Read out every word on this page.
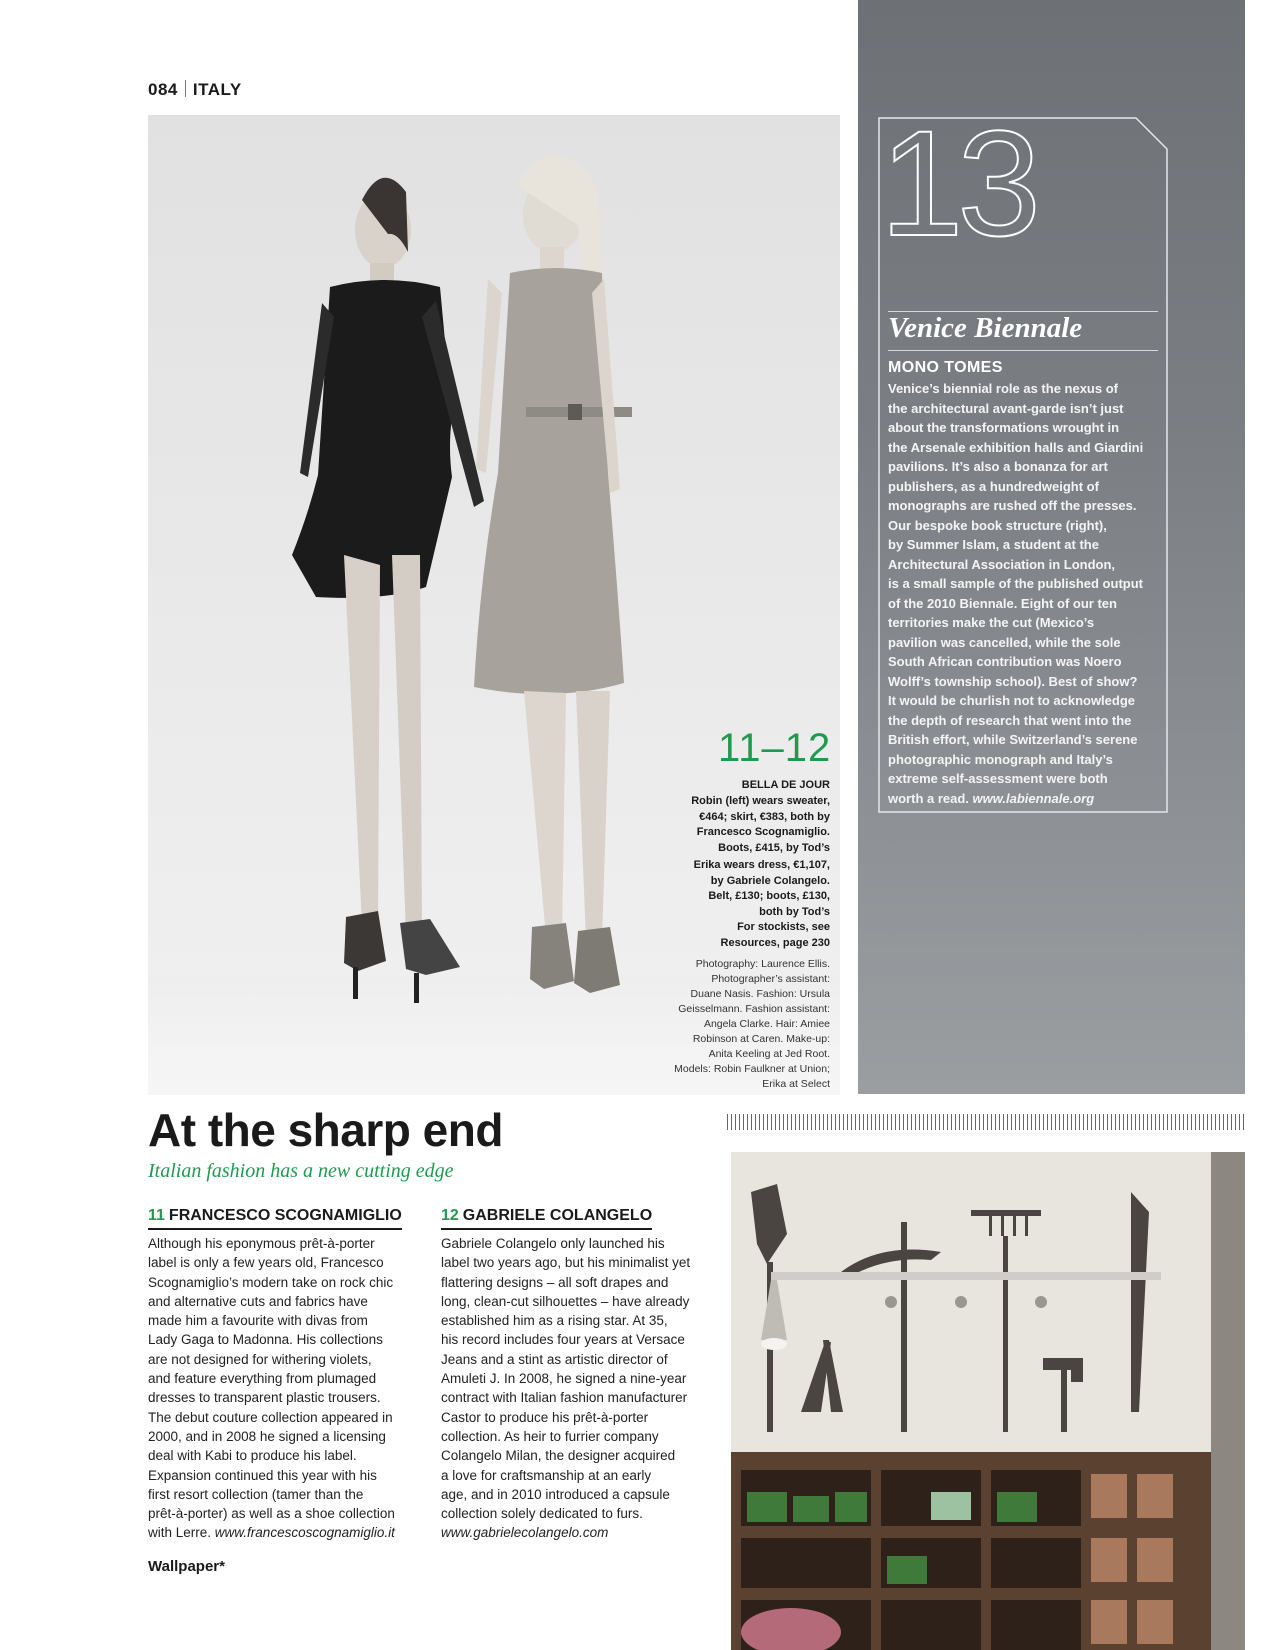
084 ITALY
11–12
BELLA DE JOUR
Robin (left) wears sweater,
€464; skirt, €383, both by
Francesco Scognamiglio.
Boots, £415, by Tod’s
Erika wears dress, €1,107,
by Gabriele Colangelo.
Belt, £130; boots, £130,
both by Tod’s
For stockists, see
Resources, page 230
Photography: Laurence Ellis.
Photographer’s assistant:
Duane Nasis. Fashion: Ursula
Geisselmann. Fashion assistant:
Angela Clarke. Hair: Amiee
Robinson at Caren. Make-up:
Anita Keeling at Jed Root.
Models: Robin Faulkner at Union;
Erika at Select
13
Venice Biennale
MONO TOMES
Venice’s biennial role as the nexus of
the architectural avant-garde isn’t just
about the transformations wrought in
the Arsenale exhibition halls and Giardini
pavilions. It’s also a bonanza for art
publishers, as a hundredweight of
monographs are rushed off the presses.
Our bespoke book structure (right),
by Summer Islam, a student at the
Architectural Association in London,
is a small sample of the published output
of the 2010 Biennale. Eight of our ten
territories make the cut (Mexico’s
pavilion was cancelled, while the sole
South African contribution was Noero
Wolff’s township school). Best of show?
It would be churlish not to acknowledge
the depth of research that went into the
British effort, while Switzerland’s serene
photographic monograph and Italy’s
extreme self-assessment were both
worth a read. www.labiennale.org
At the sharp end
Italian fashion has a new cutting edge
11 FRANCESCO SCOGNAMIGLIO
Although his eponymous prêt-à-porter
label is only a few years old, Francesco
Scognamiglio’s modern take on rock chic
and alternative cuts and fabrics have
made him a favourite with divas from
Lady Gaga to Madonna. His collections
are not designed for withering violets,
and feature everything from plumaged
dresses to transparent plastic trousers.
The debut couture collection appeared in
2000, and in 2008 he signed a licensing
deal with Kabi to produce his label.
Expansion continued this year with his
first resort collection (tamer than the
prêt-à-porter) as well as a shoe collection
with Lerre. www.francescoscognamiglio.it
12 GABRIELE COLANGELO
Gabriele Colangelo only launched his
label two years ago, but his minimalist yet
flattering designs – all soft drapes and
long, clean-cut silhouettes – have already
established him as a rising star. At 35,
his record includes four years at Versace
Jeans and a stint as artistic director of
Amuleti J. In 2008, he signed a nine-year
contract with Italian fashion manufacturer
Castor to produce his prêt-à-porter
collection. As heir to furrier company
Colangelo Milan, the designer acquired
a love for craftsmanship at an early
age, and in 2010 introduced a capsule
collection solely dedicated to furs.
www.gabrielecolangelo.com
Wallpaper*
